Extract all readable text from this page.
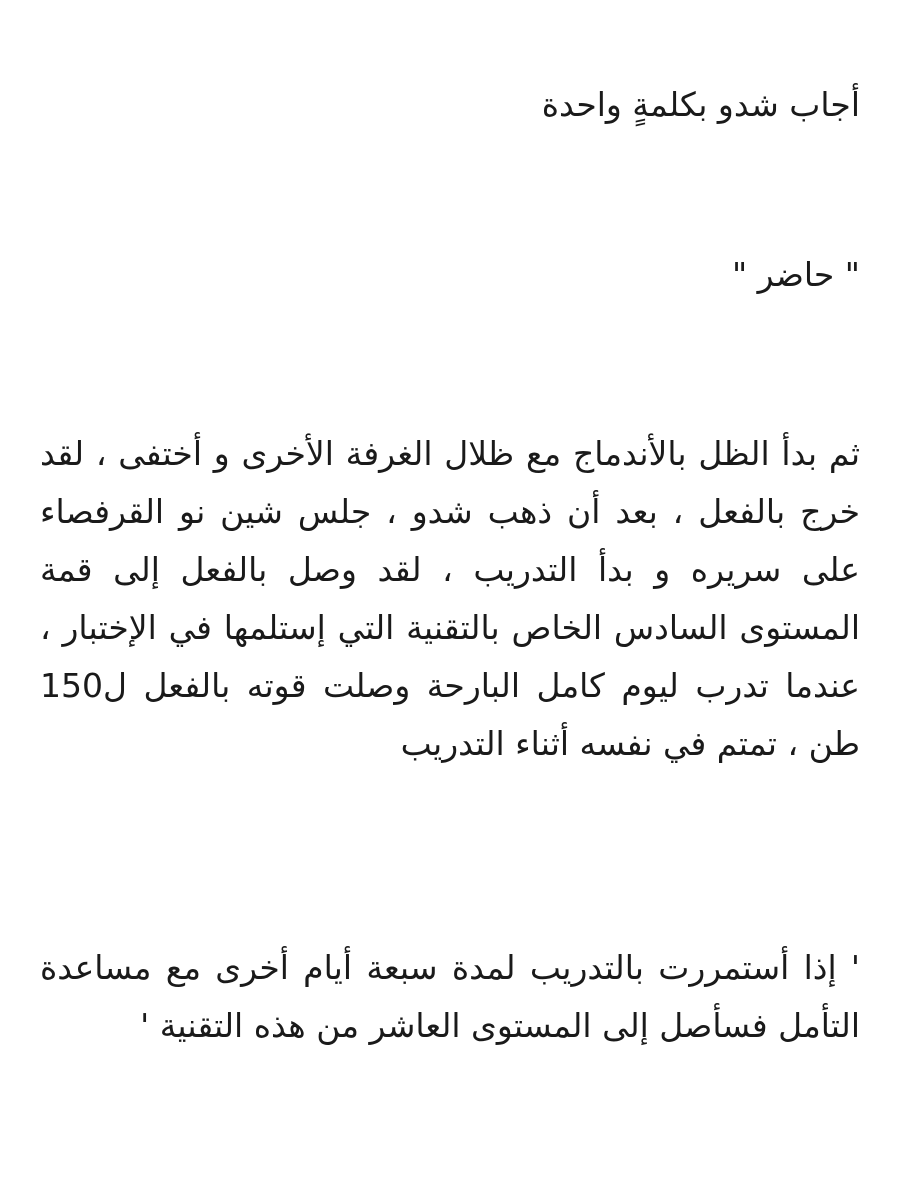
أجاب شدو بكلمةٍ واحدة

" حاضر "

ثم بدأ الظل بالأندماج مع ظلال الغرفة الأخرى و أختفى ، لقد خرج بالفعل ، بعد أن ذهب شدو ، جلس شين نو القرفصاء على سريره و بدأ التدريب ، لقد وصل بالفعل إلى قمة المستوى السادس الخاص بالتقنية التي إستلمها في الإختبار ، عندما تدرب ليوم كامل البارحة وصلت قوته بالفعل ل150 طن ، تمتم في نفسه أثناء التدريب

' إذا أستمررت بالتدريب لمدة سبعة أيام أخرى مع مساعدة التأمل فسأصل إلى المستوى العاشر من هذه التقنية '
